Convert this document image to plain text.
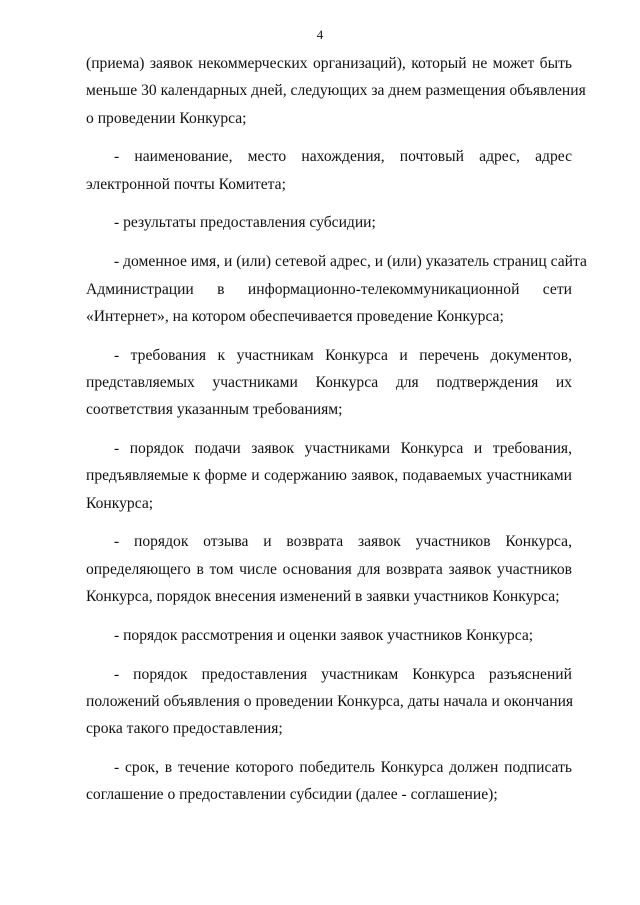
4
(приема) заявок некоммерческих организаций), который не может быть
меньше 30 календарных дней, следующих за днем размещения объявления
о проведении Конкурса;
- наименование, место нахождения, почтовый адрес, адрес
электронной почты Комитета;
- результаты предоставления субсидии;
- доменное имя, и (или) сетевой адрес, и (или) указатель страниц сайта
Администрации в информационно-телекоммуникационной сети
«Интернет», на котором обеспечивается проведение Конкурса;
- требования к участникам Конкурса и перечень документов,
представляемых участниками Конкурса для подтверждения их
соответствия указанным требованиям;
- порядок подачи заявок участниками Конкурса и требования,
предъявляемые к форме и содержанию заявок, подаваемых участниками
Конкурса;
- порядок отзыва и возврата заявок участников Конкурса,
определяющего в том числе основания для возврата заявок участников
Конкурса, порядок внесения изменений в заявки участников Конкурса;
- порядок рассмотрения и оценки заявок участников Конкурса;
- порядок предоставления участникам Конкурса разъяснений
положений объявления о проведении Конкурса, даты начала и окончания
срока такого предоставления;
- срок, в течение которого победитель Конкурса должен подписать
соглашение о предоставлении субсидии (далее - соглашение);
